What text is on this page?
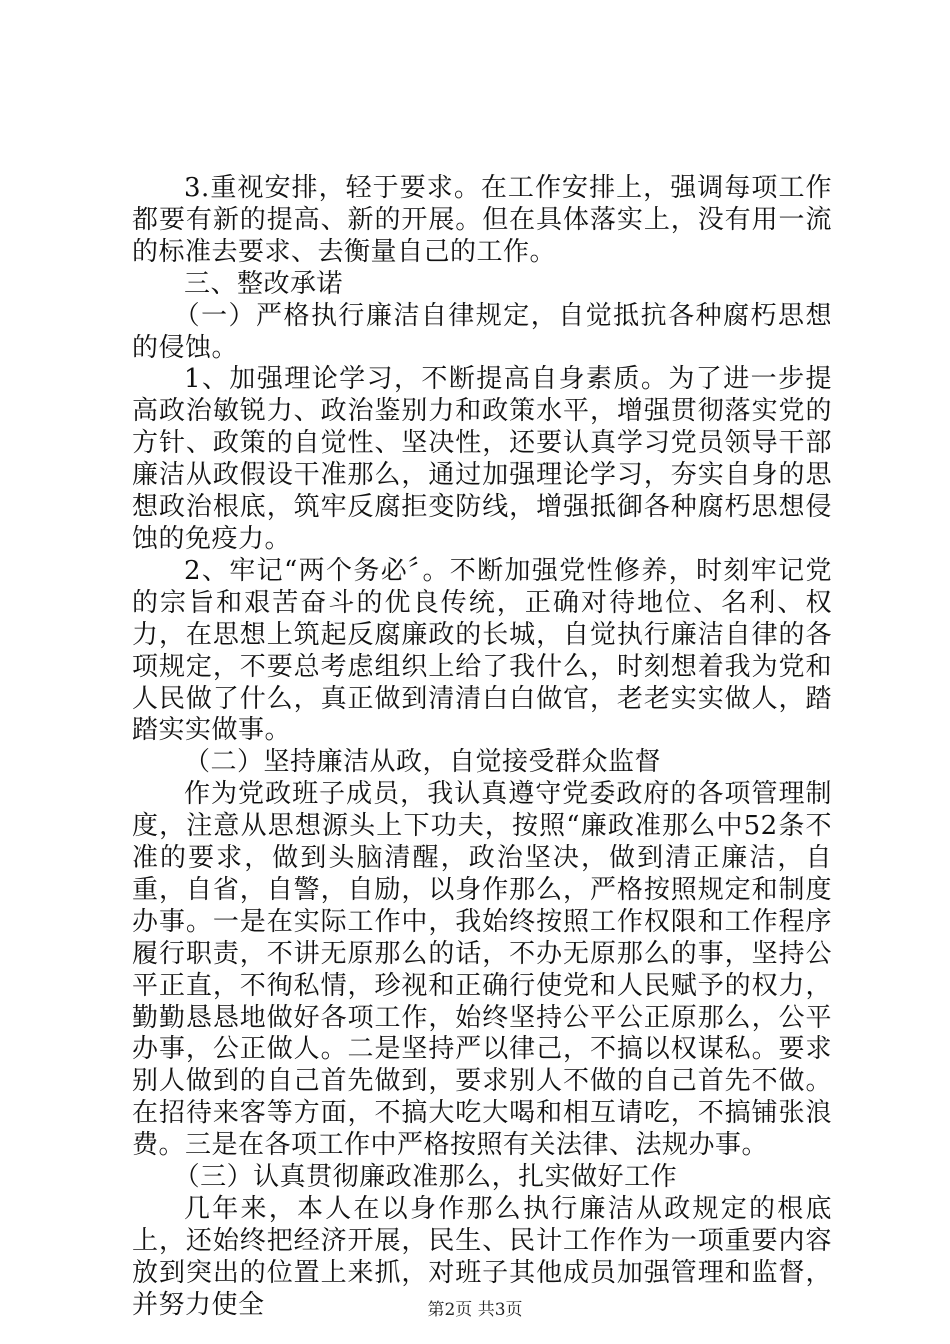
3.重视安排，轻于要求。在工作安排上，强调每项工作都要有新的提高、新的开展。但在具体落实上，没有用一流的标准去要求、去衡量自己的工作。

三、整改承诺

（一）严格执行廉洁自律规定，自觉抵抗各种腐朽思想的侵蚀。

1、加强理论学习，不断提高自身素质。为了进一步提高政治敏锐力、政治鉴别力和政策水平，增强贯彻落实党的方针、政策的自觉性、坚决性，还要认真学习党员领导干部廉洁从政假设干准那么，通过加强理论学习，夯实自身的思想政治根底，筑牢反腐拒变防线，增强抵御各种腐朽思想侵蚀的免疫力。

2、牢记“两个务必〞。不断加强党性修养，时刻牢记党的宗旨和艰苦奋斗的优良传统，正确对待地位、名利、权力，在思想上筑起反腐廉政的长城，自觉执行廉洁自律的各项规定，不要总考虑组织上给了我什么，时刻想着我为党和人民做了什么，真正做到清清白白做官，老老实实做人，踏踏实实做事。

（二）坚持廉洁从政，自觉接受群众监督

作为党政班子成员，我认真遵守党委政府的各项管理制度，注意从思想源头上下功夫，按照“廉政准那么中52条不准的要求，做到头脑清醒，政治坚决，做到清正廉洁，自重，自省，自警，自励，以身作那么，严格按照规定和制度办事。一是在实际工作中，我始终按照工作权限和工作程序履行职责，不讲无原那么的话，不办无原那么的事，坚持公平正直，不徇私情，珍视和正确行使党和人民赋予的权力，勤勤恳恳地做好各项工作，始终坚持公平公正原那么，公平办事，公正做人。二是坚持严以律己，不搞以权谋私。要求别人做到的自己首先做到，要求别人不做的自己首先不做。在招待来客等方面，不搞大吃大喝和相互请吃，不搞铺张浪费。三是在各项工作中严格按照有关法律、法规办事。

（三）认真贯彻廉政准那么，扎实做好工作

几年来，本人在以身作那么执行廉洁从政规定的根底上，还始终把经济开展，民生、民计工作作为一项重要内容放到突出的位置上来抓，对班子其他成员加强管理和监督，并努力使全	第2页 共3页
